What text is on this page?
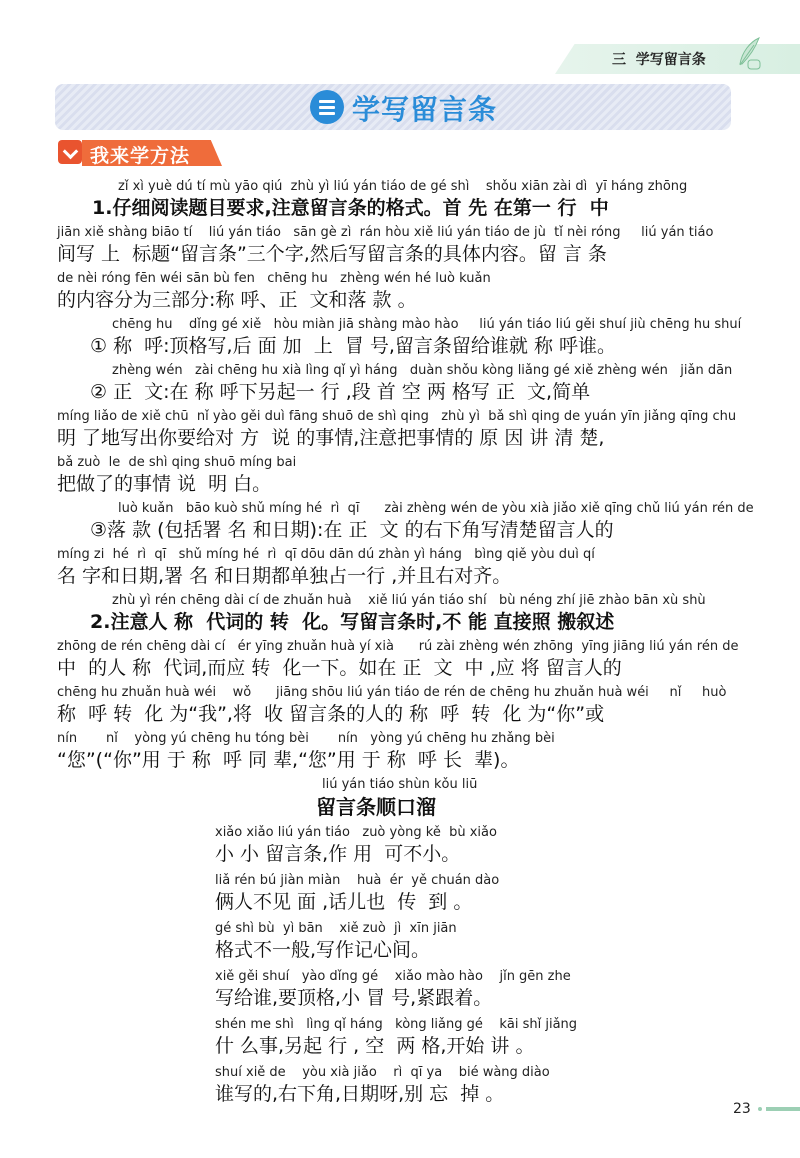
三  学写留言条
学写留言条
我来学方法
zǐ xì yuè dú tí mù yāo qiú  zhù yì liú yán tiáo de gé shì    shǒu xiān zài dì  yī háng zhōng
1.仔细阅读题目要求,注意留言条的格式。首 先 在第一 行  中
jiān xiě shàng biāo tí    liú yán tiáo   sān gè zì  rán hòu xiě liú yán tiáo de jù  tǐ nèi róng     liú yán tiáo
间写 上  标题“留言条”三个字,然后写留言条的具体内容。留 言 条
de nèi róng fēn wéi sān bù fen   chēng hu   zhèng wén hé luò kuǎn
的内容分为三部分:称 呼、正  文和落 款 。
chēng hu    dǐng gé xiě   hòu miàn jiā shàng mào hào     liú yán tiáo liú gěi shuí jiù chēng hu shuí
① 称  呼:顶格写,后 面 加  上  冒 号,留言条留给谁就 称 呼谁。
zhèng wén   zài chēng hu xià lìng qǐ yì háng   duàn shǒu kòng liǎng gé xiě zhèng wén   jiǎn dān
② 正  文:在 称 呼下另起一 行 ,段 首 空 两 格写 正  文,简单
míng liǎo de xiě chū  nǐ yào gěi duì fāng shuō de shì qing   zhù yì  bǎ shì qing de yuán yīn jiǎng qīng chu
明 了地写出你要给对 方  说 的事情,注意把事情的 原 因 讲 清 楚,
bǎ zuò  le  de shì qing shuō míng bai
把做了的事情 说  明 白。
luò kuǎn   bāo kuò shǔ míng hé  rì  qī      zài zhèng wén de yòu xià jiǎo xiě qīng chǔ liú yán rén de
③落 款 (包括署 名 和日期):在 正  文 的右下角写清楚留言人的
míng zi  hé  rì  qī   shǔ míng hé  rì  qī dōu dān dú zhàn yì háng   bìng qiě yòu duì qí
名 字和日期,署 名 和日期都单独占一行 ,并且右对齐。
zhù yì rén chēng dài cí de zhuǎn huà    xiě liú yán tiáo shí   bù néng zhí jiē zhào bān xù shù
2.注意人 称  代词的 转  化。写留言条时,不 能 直接照 搬叙述
zhōng de rén chēng dài cí   ér yīng zhuǎn huà yí xià      rú zài zhèng wén zhōng  yīng jiāng liú yán rén de
中  的人 称  代词,而应 转  化一下。如在 正  文  中 ,应 将 留言人的
chēng hu zhuǎn huà wéi    wǒ      jiāng shōu liú yán tiáo de rén de chēng hu zhuǎn huà wéi     nǐ     huò
称  呼 转  化 为“我”,将  收 留言条的人的 称  呼  转  化 为“你”或
nín       nǐ    yòng yú chēng hu tóng bèi       nín   yòng yú chēng hu zhǎng bèi
“您”(“你”用 于 称  呼 同 辈,“您”用 于 称  呼 长  辈)。
liú yán tiáo shùn kǒu liū
留言条顺口溜
xiǎo xiǎo liú yán tiáo   zuò yòng kě  bù xiǎo
小 小 留言条,作 用  可不小。
liǎ rén bú jiàn miàn    huà  ér  yě chuán dào
俩人不见 面 ,话儿也  传  到 。
gé shì bù  yì bān    xiě zuò  jì  xīn jiān
格式不一般,写作记心间。
xiě gěi shuí   yào dǐng gé    xiǎo mào hào    jǐn gēn zhe
写给谁,要顶格,小 冒 号,紧跟着。
shén me shì   lìng qǐ háng   kòng liǎng gé    kāi shǐ jiǎng
什 么事,另起 行 , 空  两 格,开始 讲 。
shuí xiě de    yòu xià jiǎo    rì  qī ya    bié wàng diào
谁写的,右下角,日期呀,别 忘  掉 。
23
